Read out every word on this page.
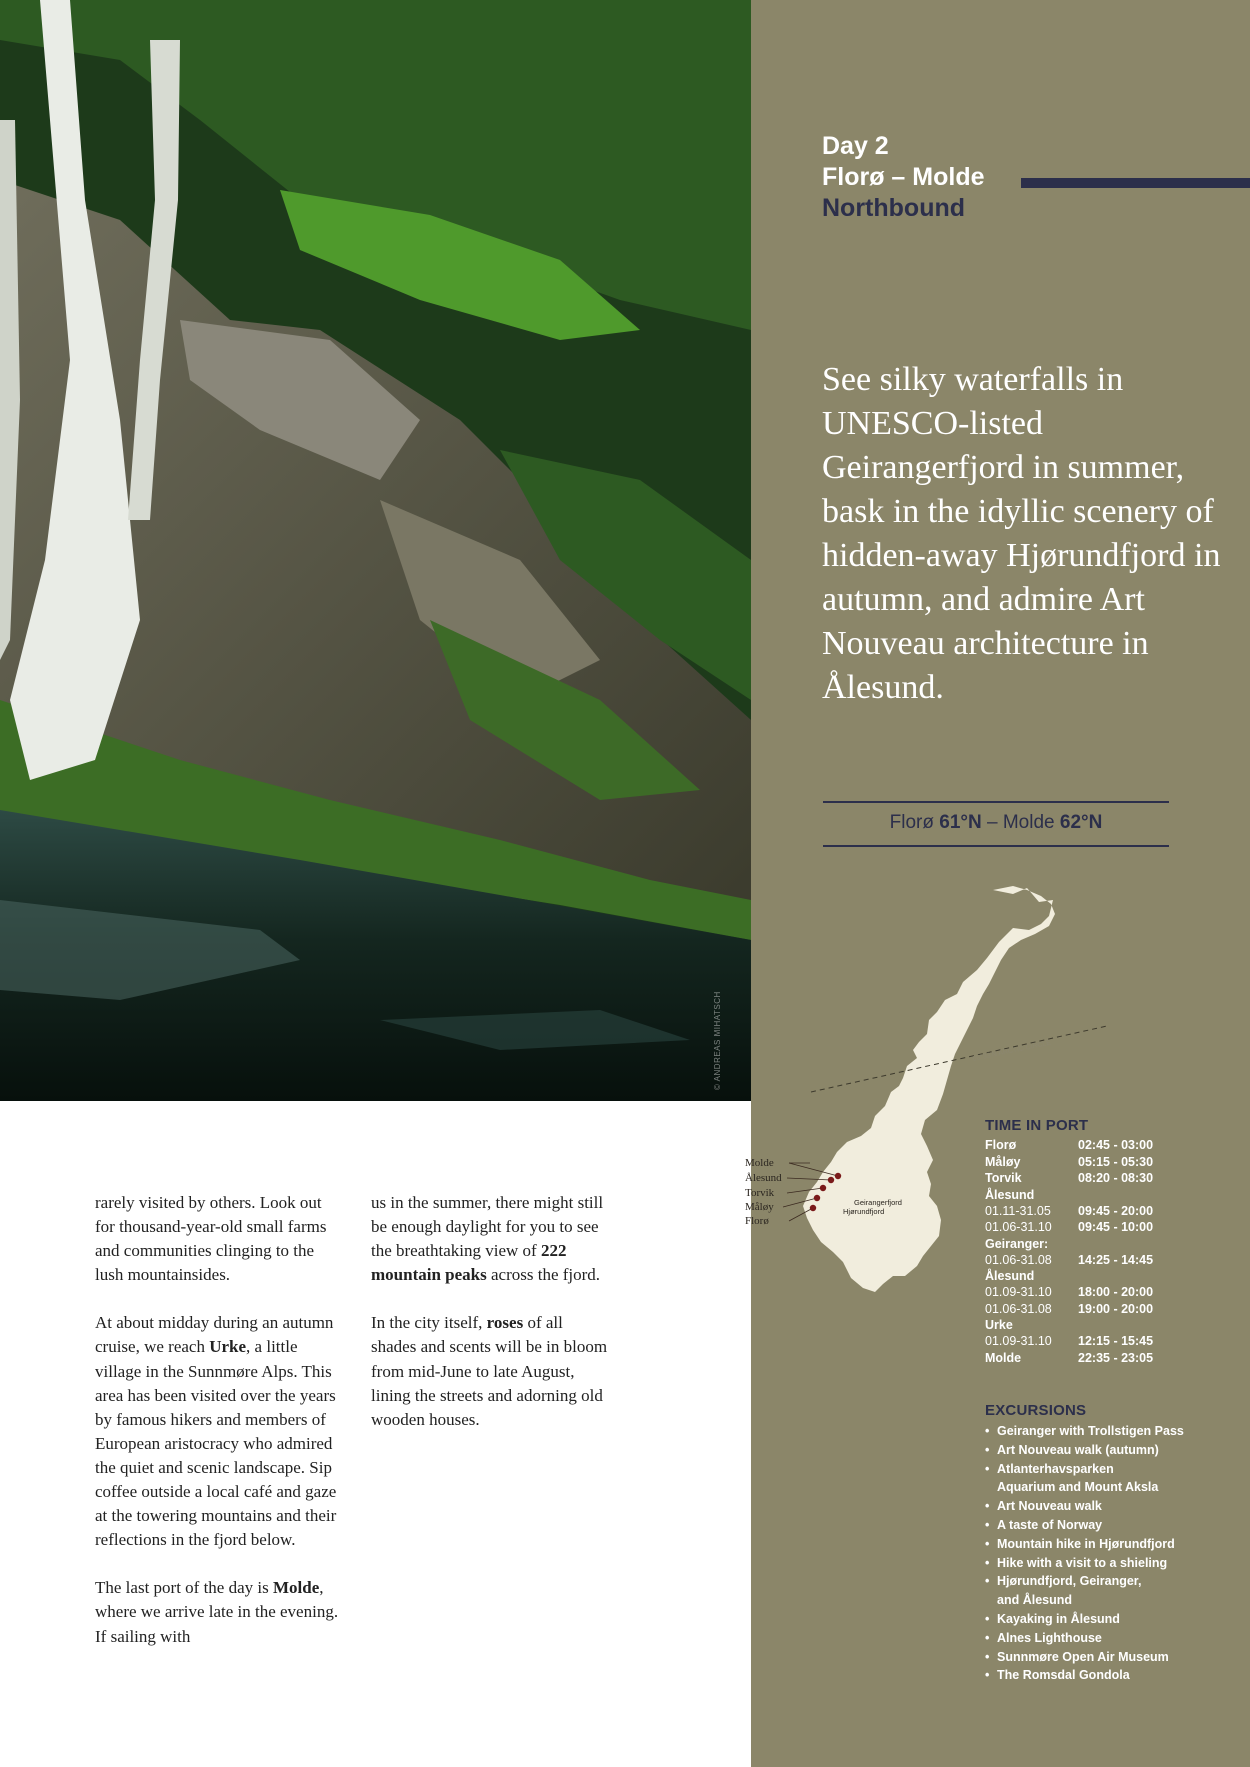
© ANDREAS MIHATSCH
Day 2
Florø – Molde
Northbound
See silky waterfalls in UNESCO-listed Geirangerfjord in summer, bask in the idyllic scenery of hidden-away Hjørundfjord in autumn, and admire Art Nouveau architecture in Ålesund.
Florø 61°N – Molde 62°N
66°33'N ARCTIC CIRCLE
Molde
Ålesund
Torvik
Måløy
Florø
Geirangerfjord
Hjørundfjord
TIME IN PORT
Florø	02:45 - 03:00
Måløy	05:15 - 05:30
Torvik	08:20 - 08:30
Ålesund
01.11-31.05	09:45 - 20:00
01.06-31.10	09:45 - 10:00
Geiranger:
01.06-31.08	14:25 - 14:45
Ålesund
01.09-31.10	18:00 - 20:00
01.06-31.08	19:00 - 20:00
Urke
01.09-31.10	12:15 - 15:45
Molde	22:35 - 23:05
EXCURSIONS
• Geiranger with Trollstigen Pass
• Art Nouveau walk (autumn)
• Atlanterhavsparken
Aquarium and Mount Aksla
• Art Nouveau walk
• A taste of Norway
• Mountain hike in Hjørundfjord
• Hike with a visit to a shieling
• Hjørundfjord, Geiranger,
and Ålesund
• Kayaking in Ålesund
• Alnes Lighthouse
• Sunnmøre Open Air Museum
• The Romsdal Gondola

rarely visited by others. Look out for thousand-year-old small farms and communities clinging to the lush mountainsides.

At about midday during an autumn cruise, we reach Urke, a little village in the Sunnmøre Alps. This area has been visited over the years by famous hikers and members of European aristocracy who admired the quiet and scenic landscape. Sip coffee outside a local café and gaze at the towering mountains and their reflections in the fjord below.

The last port of the day is Molde, where we arrive late in the evening. If sailing with

us in the summer, there might still be enough daylight for you to see the breathtaking view of 222 mountain peaks across the fjord.

In the city itself, roses of all shades and scents will be in bloom from mid-June to late August, lining the streets and adorning old wooden houses.
